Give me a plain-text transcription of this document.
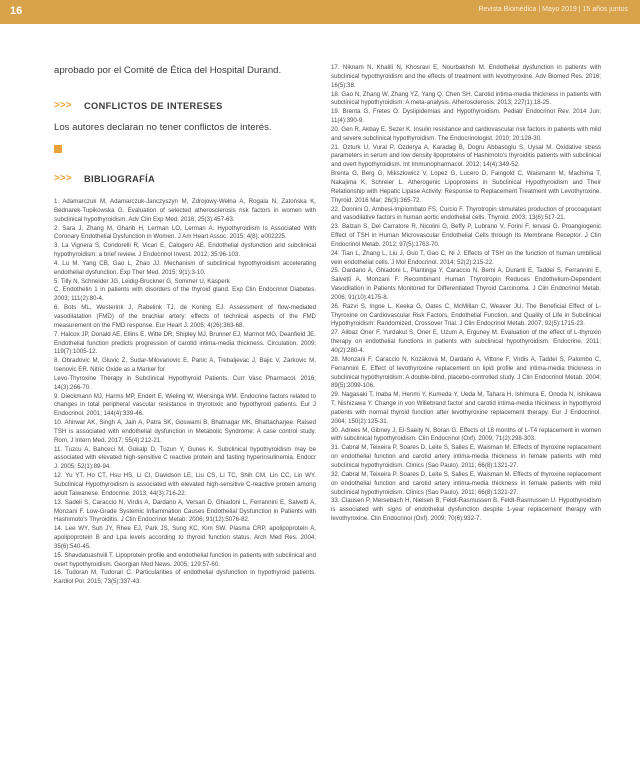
16	Revista Biomédica | Mayo 2019 | 15 años juntos

aprobado por el Comité de Ética del Hospital Durand.

>>>	CONFLICTOS DE INTERESES

Los autores declaran no tener conflictos de interés.

>>>	BIBLIOGRAFÍA

1. Adamarczuk M, Adamarczuk-Janczyszyn M, Zdrojowy-Wełna A, Rogala N, Zatońska K, Bednarek-Tupikowska G. Evaluation of selected atherosclerosis risk factors in women with subclinical hypothyroidism. Adv Clin Exp Med. 2016; 25(3):457-63.

2. Sara J, Zhang M, Gharib H, Lerman LO, Lerman A. Hypothyroidism Is Associated With Coronary Endothelial Dysfunction in Women. J Am Heart Assoc. 2015; 4(8): e002225.

3. La Vignera S, Condorelli R, Vicari E, Calogero AE. Endothelial dysfunction and subclinical hypothyroidism: a brief review. J Endocrinol Invest. 2012; 35:96-103.

4. Lu M, Yang CB, Gao L, Zhao JJ. Mechanism of subclinical hypothyroidism accelerating endothelial dysfunction. Exp Ther Med. 2015; 9(1):3-10.

5. Tilly N, Schneider JG, Leidig-Bruckner G, Sommer U, Kasperk

C. Endothelin 1 in patients with disorders of the thyroid gland. Exp Clin Endocrinol Diabetes. 2003; 111(2):80-4.

6. Bots ML, Westerink J, Rabelink TJ, de Koning EJ. Assessment of flow-mediated vasodilatation (FMD) of the brachial artery: effects of technical aspects of the FMD measurement on the FMD response. Eur Heart J. 2005; 4(26):363-68.

7. Halcox JP, Donald AE, Ellins E, Witte DR, Shipley MJ, Brunner EJ, Marmot MG, Deanfield JE. Endothelial function predicts progression of carotid intima-media thickness. Circulation. 2009; 119(7):1005-12.

8. Obradovic M, Gluvic Z, Sudar-Milovanovic E, Panic A, Trebaljevac J, Bajic V, Zarkovic M, Isenovic ER. Nitric Oxide as a Marker for

Levo-Thyroxine Therapy in Subclinical Hypothyroid Patients. Curr Vasc Pharmacol. 2016; 14(3):266-70.

9. Dieckmann MJ, Harms MP, Endert E, Wieling W, Wiersinga WM. Endocrine factors related to changes in total peripheral vascular resistance in thyrotoxic and hypothyroid patients. Eur J Endocrinol. 2001; 144(4):339-46.

10. Ahirwar AK, Singh A, Jain A, Patra SK, Goswami B, Bhatnagar MK, Bhattacharjee. Raised TSH is associated with endothelial dysfunction in Metabolic Syndrome: A case control study. Rom. J Intern Med. 2017; 55(4):212-21.

11. Tuzcu A, Bahceci M, Gokalp D, Tuzun Y, Gunes K. Subclinical hypothyroidism may be associated with elevated high-sensitive C reactive protein and fasting hyperinsulinemia. Endocr J. 2005; 52(1):89-94.

12. Yu YT, Ho CT, Hsu HS, Li CI, Davidson LE, Liu CS, Li TC, Shih CM, Lin CC, Lin WY. Subclinical Hypothyroidism is associated with elevated high-sensitive C-reactive protein among adult Taiwanese. Endocrine. 2013; 44(3):716-22.

13. Sadeli S, Caraccio N, Virdis A, Dardano A, Versari D, Ghiadoni L, Ferrannini E, Salvetti A, Monzani F. Low-Grade Systemic Inflammation Causes Endothelial Dysfunction in Patients with Hashimoto's Thyroiditis. J Clin Endocrinol Metab. 2006; 91(12):5076-82.

14. Lee WY, Suh JY, Rhee EJ, Park JS, Sung KC, Kim SW. Plasma CRP, apolipoprotein A, apolipoprotein B and Lpa levels according to thyroid function status. Arch Med Res. 2004; 35(6):540-45.

15. Shavdatuashvili T. Lipoprotein profile and endothelial function in patients with subclinical and overt hypothyroidism. Georgian Med News. 2005; 129:57-60.

16. Tudoran M, Tudoran C. Particularities of endothelial dysfunction in hypothyroid patients. Kardiol Pol. 2015; 73(5):337-43.

17. Niknam N, Khalili N, Khosravi E, Nourbakhsh M. Endothelial dysfunction in patients with subclinical hypothyroidism and the effects of treatment with levothyroxine. Adv Biomed Res. 2016; 16(5):38.

18. Gao N, Zhang W, Zhang YZ, Yang Q, Chen SH. Carotid intima-media thickness in patients with subclinical hypothyroidism: A meta-analysis. Atherosclerosis. 2013; 227(1):18-25.

19. Brenta G, Fretes O. Dyslipidemias and Hypothyroidism. Pediatr Endocrinol Rev. 2014 Jun; 11(4):390-9.

20. Gen R, Akbay E, Sezer K. Insulin resistance and cardiovascular risk factors in patients with mild and severe subclinical hypothyroidism. The Endocrinologist. 2010; 20:128-30.

21. Ozturk U, Vural P, Ozderya A, Karadag B, Dogru Abbasoglu S, Uysal M. Oxidative stress parameters in serum and low density lipoproteins of Hashimoto's thyroiditis patients with subclinical and overt hypothyroidism. Int Immunopharmacol. 2012; 14(4):349-52.

Brenta G, Berg G, Mikszłowicz V, Lopez G, Lucero D, Faingold C, Waismann M, Machima T, Nakajima K, Schreier L. Atherogenic Lipoproteins in Subclinical Hypothyroidism and Their Relationship with Hepatic Lipase Activity: Response to Replacement Treatment with Levothyroxine. Thyroid. 2016 Mar; 26(3):365-72.

22. Donnini D, Ambesi-Impiombato FS, Curcio F. Thyrotropin stimulates production of procoagulant and vasodilative factors in human aortic endothelial cells. Thyroid. 2003; 13(6):517-21.

23. Balzan S, Del Carratore R, Nicolini G, Beffy P, Lubrano V, Forini F, Iervasi G. Proangiogenic Effect of TSH in Human Microvascular Endothelial Cells through Its Membrane Receptor. J Clin Endocrinol Metab. 2012; 97(5):1763-70.

24. Tian L, Zhang L, Liu J, Guo T, Gao C, Ni J. Effects of TSH on the function of human umbilical vein endothelial cells. J Mol Endocrinol. 2014; 52(2):215-22.

25. Dardano A, Ghiadoni L, Plantinga Y, Caraccio N, Bemi A, Duranti E, Taddei S, Ferrannini E, Salvetti A, Monzani F. Recombinant Human Thyrotropin Reduces Endothelium-Dependent Vasodilation in Patients Monitored for Differentiated Thyroid Carcinoma. J Clin Endocrinol Metab. 2006; 91(10):4175-8.

26. Razvi S, Ingoe L, Keeka G, Oates C, McMillan C, Weaver JU. The Beneficial Effect of L-Thyroxine on Cardiovascular Risk Factors, Endothelial Function, and Quality of Life in Subclinical Hypothyroidism: Randomized, Crossover Trial. J Clin Endocrinol Metab. 2007; 92(5):1715-23.

27. Alibaz Oner F, Yurdakul S, Oner E, Uzum A, Erguney M. Evaluation of the effect of L-thyroxin therapy on endothelial functions in patients with subclinical hypothyroidism. Endocrine. 2011; 40(2):280-4.

28. Monzani F, Caraccio N, Kozàková M, Dardano A, Vittone F, Virdis A, Taddei S, Palombo C, Ferrannini E. Effect of levothyroxine replacement on lipid profile and intima-media thickness in subclinical hypothyroidism: A double-blind, placebo-controlled study. J Clin Endocrinol Metab. 2004; 89(5):2099-106.

29. Nagasaki T, Inaba M, Henmi Y, Kumeda Y, Ueda M, Tahara H, Ishimura E, Onoda N, Ishikawa T, Nishizawa Y. Change in von Willebrand factor and carotid intima-media thickness in hypothyroid patients with normal thyroid function after levothyroxine replacement therapy. Eur J Endocrinol. 2004; 150(2):125-31.

30. Adrees M, Gibney J, El-Saeity N, Boran G. Effects of 18 months of L-T4 replacement in women with subclinical hypothyroidism. Clin Endocrinol (Oxf). 2009; 71(2):298-303.

31. Cabral M, Teixeira P, Soares D, Leite S, Salles E, Waisman M. Effects of thyroxine replacement on endothelial function and carotid artery intima-media thickness in female patients with mild subclinical hypothyroidism. Clinics (Sao Paulo). 2011; 66(8):1321-27.

32. Cabral M, Teixeira P, Soares D, Leite S, Salles E, Waisman M. Effects of thyroxine replacement on endothelial function and carotid artery intima-media thickness in female patients with mild subclinical hypothyroidism. Clinics (Sao Paulo). 2011; 66(8):1321-27.

33. Clausen P, Mersebach H, Nielsen B, Feldt-Rasmussen B, Feldt-Rasmussen U. Hypothyroidism is associated with signs of endothelial dysfunction despite 1-year replacement therapy with levothyroxine. Clin Endocrinol (Oxf). 2009; 70(6):932-7.
